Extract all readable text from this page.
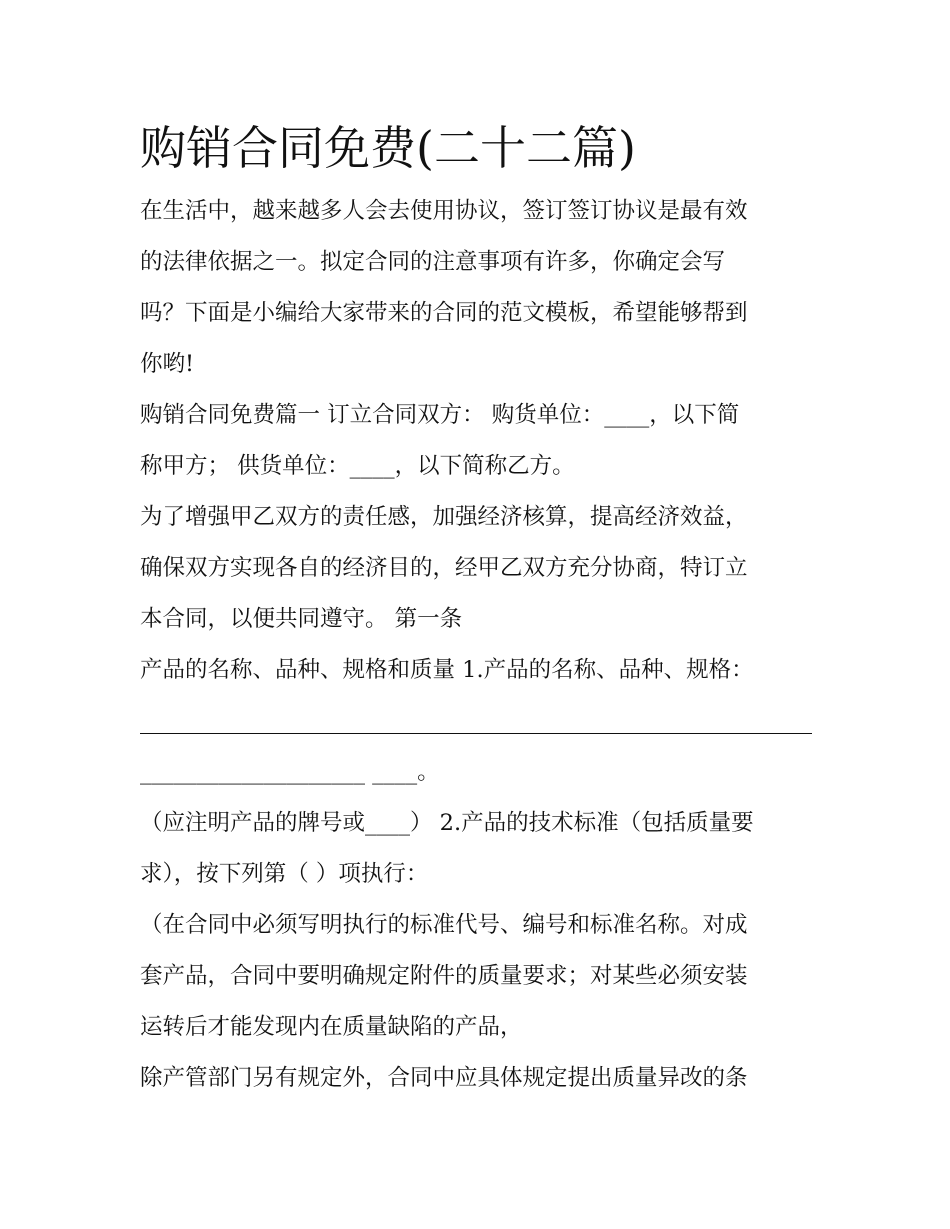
购销合同免费(二十二篇)

在生活中，越来越多人会去使用协议，签订签订协议是最有效

的法律依据之一。拟定合同的注意事项有许多，你确定会写

吗？下面是小编给大家带来的合同的范文模板，希望能够帮到

你哟!

购销合同免费篇一 订立合同双方： 购货单位：____，以下简

称甲方； 供货单位：____，以下简称乙方。

为了增强甲乙双方的责任感，加强经济核算，提高经济效益，

确保双方实现各自的经济目的，经甲乙双方充分协商，特订立

本合同，以便共同遵守。 第一条

产品的名称、品种、规格和质量 1.产品的名称、品种、规格：

____________________ ____。

（应注明产品的牌号或____） 2.产品的技术标准（包括质量要

求），按下列第（ ）项执行：

（在合同中必须写明执行的标准代号、编号和标准名称。对成

套产品，合同中要明确规定附件的质量要求；对某些必须安装

运转后才能发现内在质量缺陷的产品，

除产管部门另有规定外，合同中应具体规定提出质量异改的条
